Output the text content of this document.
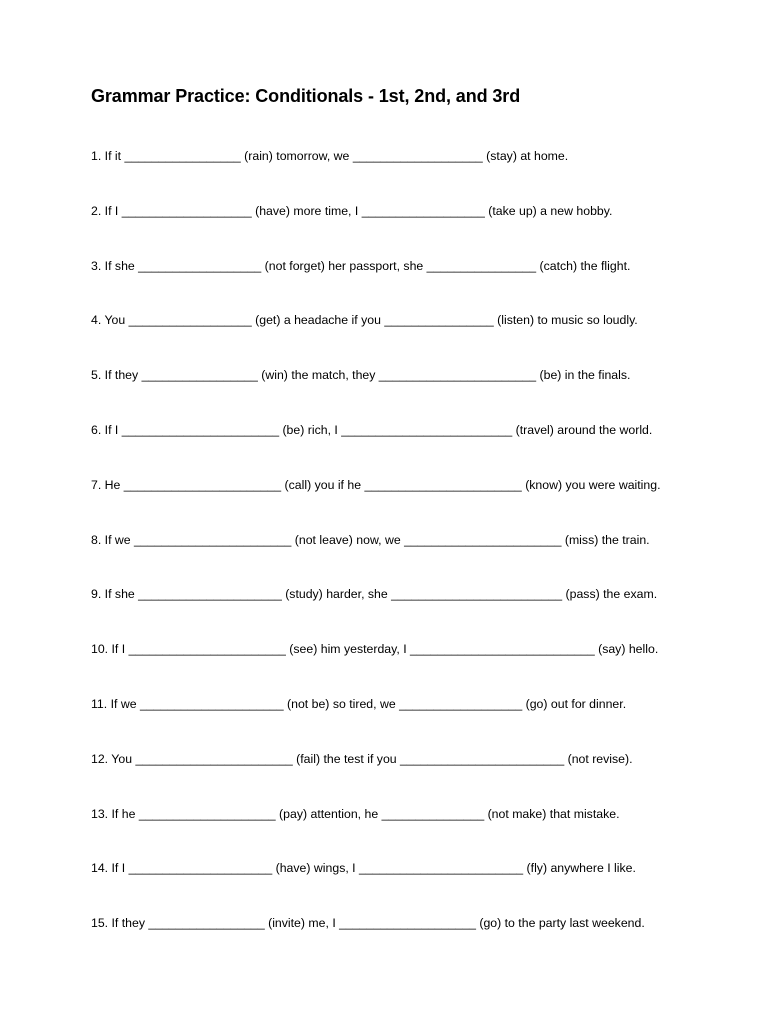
Grammar Practice: Conditionals - 1st, 2nd, and 3rd
1. If it _________________ (rain) tomorrow, we ___________________ (stay) at home.
2. If I ___________________ (have) more time, I __________________ (take up) a new hobby.
3. If she __________________ (not forget) her passport, she ________________ (catch) the flight.
4. You __________________ (get) a headache if you ________________ (listen) to music so loudly.
5. If they _________________ (win) the match, they _______________________ (be) in the finals.
6. If I _______________________ (be) rich, I _________________________ (travel) around the world.
7. He _______________________ (call) you if he _______________________ (know) you were waiting.
8. If we _______________________ (not leave) now, we _______________________ (miss) the train.
9. If she _____________________ (study) harder, she _________________________ (pass) the exam.
10. If I _______________________ (see) him yesterday, I ___________________________ (say) hello.
11. If we _____________________ (not be) so tired, we __________________ (go) out for dinner.
12. You _______________________ (fail) the test if you ________________________ (not revise).
13. If he ____________________ (pay) attention, he _______________ (not make) that mistake.
14. If I _____________________ (have) wings, I ________________________ (fly) anywhere I like.
15. If they _________________ (invite) me, I ____________________ (go) to the party last weekend.
